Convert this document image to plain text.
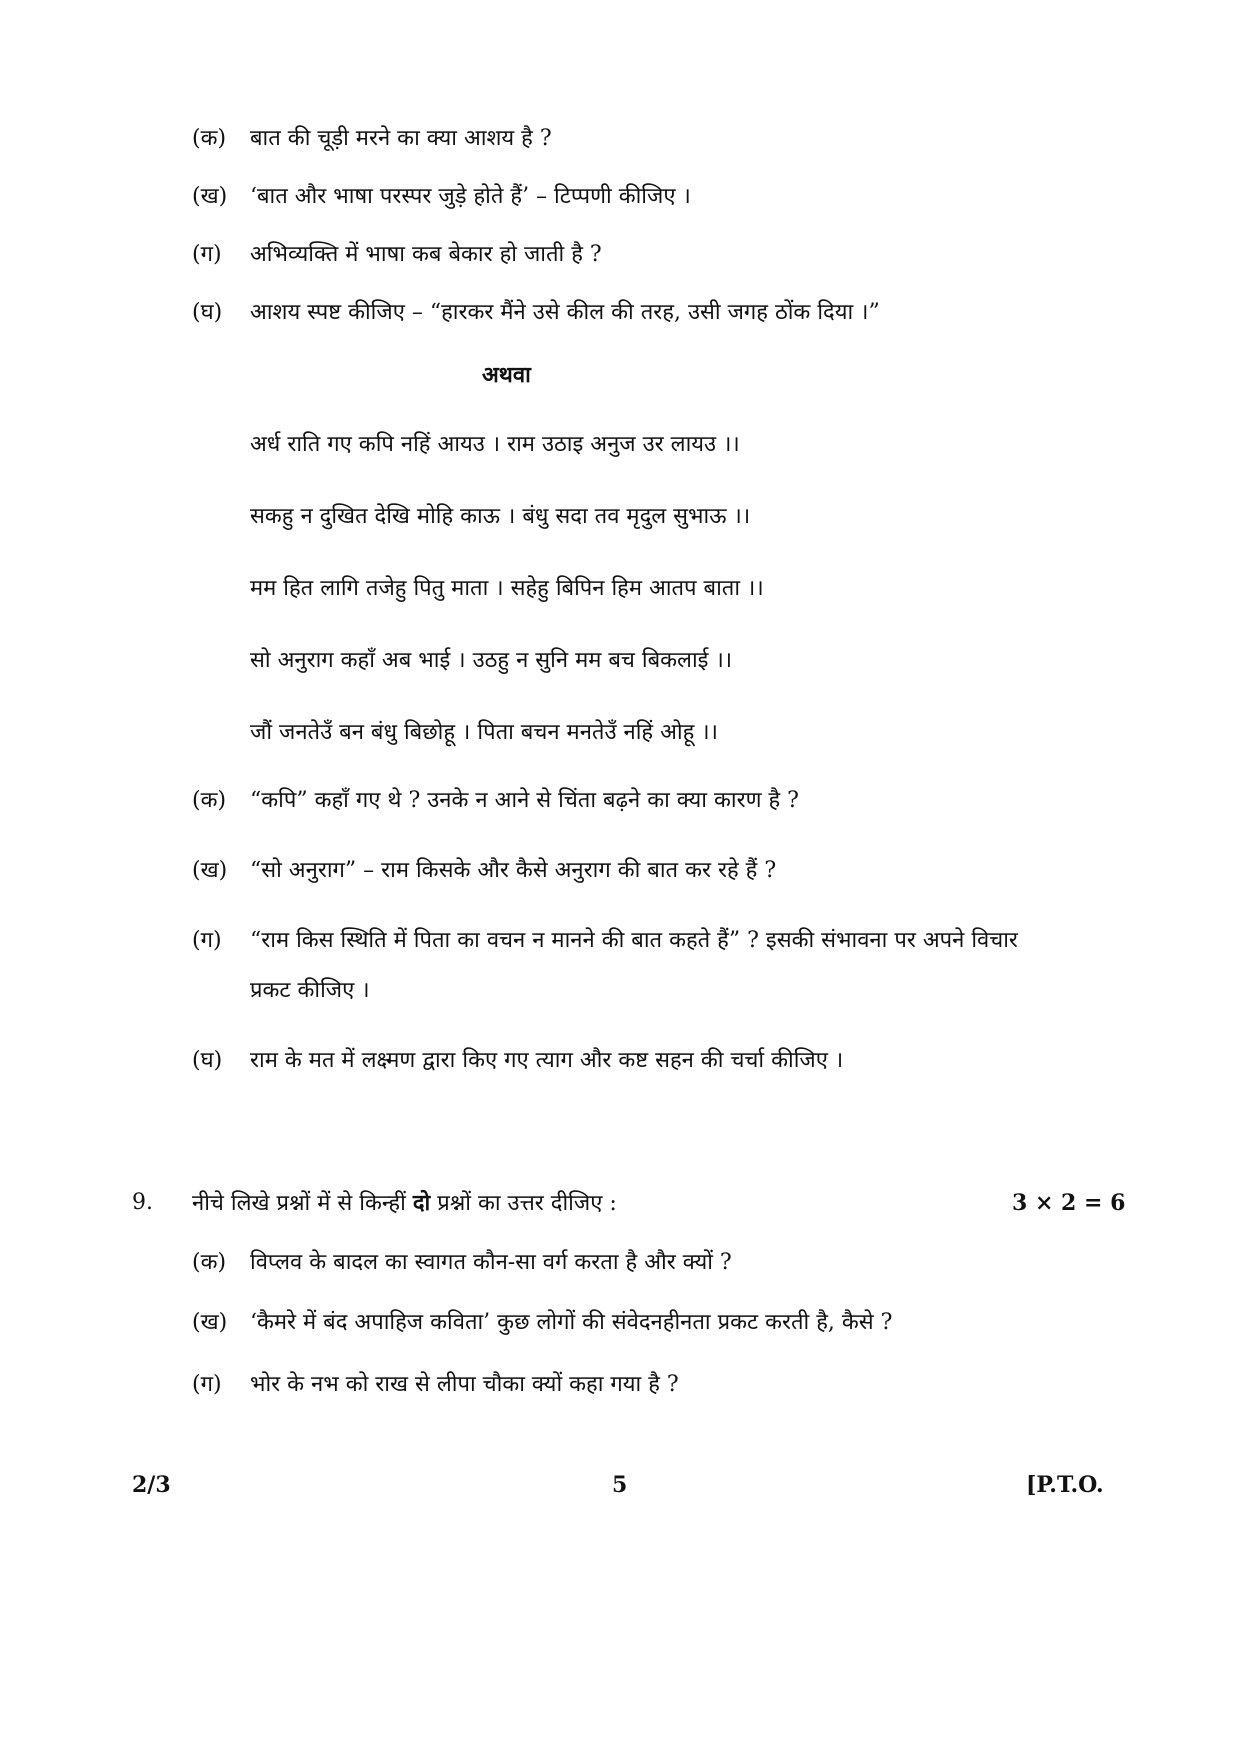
(क) बात की चूड़ी मरने का क्या आशय है ?
(ख) ‘बात और भाषा परस्पर जुड़े होते हैं’ – टिप्पणी कीजिए ।
(ग) अभिव्यक्ति में भाषा कब बेकार हो जाती है ?
(घ) आशय स्पष्ट कीजिए – “हारकर मैंने उसे कील की तरह, उसी जगह ठोंक दिया ।”
अथवा
अर्ध राति गए कपि नहिं आयउ । राम उठाइ अनुज उर लायउ ।।
सकहु न दुखित देखि मोहि काऊ । बंधु सदा तव मृदुल सुभाऊ ।।
मम हित लागि तजेहु पितु माता । सहेहु बिपिन हिम आतप बाता ।।
सो अनुराग कहाँ अब भाई । उठहु न सुनि मम बच बिकलाई ।।
जौं जनतेउँ बन बंधु बिछोहू । पिता बचन मनतेउँ नहिं ओहू ।।
(क) “कपि” कहाँ गए थे ? उनके न आने से चिंता बढ़ने का क्या कारण है ?
(ख) “सो अनुराग” – राम किसके और कैसे अनुराग की बात कर रहे हैं ?
(ग) “राम किस स्थिति में पिता का वचन न मानने की बात कहते हैं” ? इसकी संभावना पर अपने विचार
प्रकट कीजिए ।
(घ) राम के मत में लक्ष्मण द्वारा किए गए त्याग और कष्ट सहन की चर्चा कीजिए ।
9. नीचे लिखे प्रश्नों में से किन्हीं दो प्रश्नों का उत्तर दीजिए :	3 × 2 = 6
(क) विप्लव के बादल का स्वागत कौन-सा वर्ग करता है और क्यों ?
(ख) ‘कैमरे में बंद अपाहिज कविता’ कुछ लोगों की संवेदनहीनता प्रकट करती है, कैसे ?
(ग) भोर के नभ को राख से लीपा चौका क्यों कहा गया है ?
2/3	5	[P.T.O.
